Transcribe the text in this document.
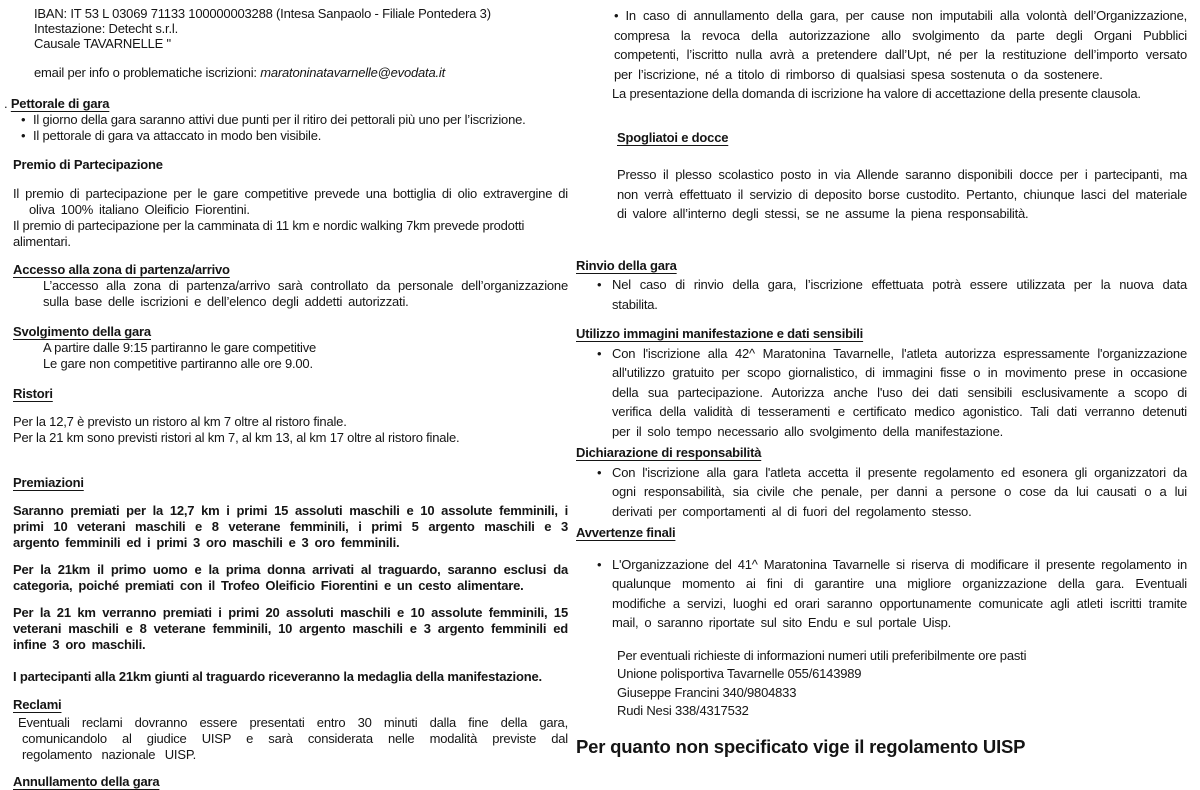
IBAN: IT 53 L 03069 71133 100000003288 (Intesa Sanpaolo - Filiale Pontedera 3)
Intestazione: Detecht s.r.l.
Causale TAVARNELLE "
email per info o problematiche iscrizioni: maratoninatavarnelle@evodata.it
. Pettorale di gara
• Il giorno della gara saranno attivi due punti per il ritiro dei pettorali più uno per l’iscrizione.
• Il pettorale di gara va attaccato in modo ben visibile.
Premio di Partecipazione
Il premio di partecipazione per le gare competitive prevede una bottiglia di olio extravergine di oliva 100% italiano Oleificio Fiorentini.
Il premio di partecipazione per la camminata di 11 km e nordic walking 7km prevede prodotti alimentari.
Accesso alla zona di partenza/arrivo
L’accesso alla zona di partenza/arrivo sarà controllato da personale dell’organizzazione sulla base delle iscrizioni e dell’elenco degli addetti autorizzati.
Svolgimento della gara
A partire dalle 9:15 partiranno le gare competitive
Le gare non competitive partiranno alle ore 9.00.
Ristori
Per la 12,7 è previsto un ristoro al km 7 oltre al ristoro finale.
Per la 21 km sono previsti ristori al km 7, al km 13, al km 17 oltre al ristoro finale.
Premiazioni
Saranno premiati per la 12,7 km i primi 15 assoluti maschili e 10 assolute femminili, i primi 10 veterani maschili e 8 veterane femminili, i primi 5 argento maschili e 3 argento femminili ed i primi 3 oro maschili e 3 oro femminili.
Per la 21km il primo uomo e la prima donna arrivati al traguardo, saranno esclusi da categoria, poiché premiati con il Trofeo Oleificio Fiorentini e un cesto alimentare.
Per la 21 km verranno premiati i primi 20 assoluti maschili e 10 assolute femminili, 15 veterani maschili e 8 veterane femminili, 10 argento maschili e 3 argento femminili ed infine 3 oro maschili.
I partecipanti alla 21km giunti al traguardo riceveranno la medaglia della manifestazione.
Reclami
Eventuali reclami dovranno essere presentati entro 30 minuti dalla fine della gara, comunicandolo al giudice UISP e sarà considerata nelle modalità previste dal regolamento nazionale UISP.
Annullamento della gara
• In caso di annullamento della gara, per cause non imputabili alla volontà dell’Organizzazione, compresa la revoca della autorizzazione allo svolgimento da parte degli Organi Pubblici competenti, l’iscritto nulla avrà a pretendere dall’Upt, né per la restituzione dell’importo versato per l’iscrizione, né a titolo di rimborso di qualsiasi spesa sostenuta o da sostenere.
La presentazione della domanda di iscrizione ha valore di accettazione della presente clausola.
Spogliatoi e docce
Presso il plesso scolastico posto in via Allende saranno disponibili docce per i partecipanti, ma non verrà effettuato il servizio di deposito borse custodito. Pertanto, chiunque lasci del materiale di valore all’interno degli stessi, se ne assume la piena responsabilità.
Rinvio della gara
• Nel caso di rinvio della gara, l’iscrizione effettuata potrà essere utilizzata per la nuova data stabilita.
Utilizzo immagini manifestazione e dati sensibili
• Con l'iscrizione alla 42^ Maratonina Tavarnelle, l'atleta autorizza espressamente l'organizzazione all'utilizzo gratuito per scopo giornalistico, di immagini fisse o in movimento prese in occasione della sua partecipazione. Autorizza anche l'uso dei dati sensibili esclusivamente a scopo di verifica della validità di tesseramenti e certificato medico agonistico. Tali dati verranno detenuti per il solo tempo necessario allo svolgimento della manifestazione.
Dichiarazione di responsabilità
• Con l'iscrizione alla gara l'atleta accetta il presente regolamento ed esonera gli organizzatori da ogni responsabilità, sia civile che penale, per danni a persone o cose da lui causati o a lui derivati per comportamenti al di fuori del regolamento stesso.
Avvertenze finali
• L'Organizzazione del 41^ Maratonina Tavarnelle si riserva di modificare il presente regolamento in qualunque momento ai fini di garantire una migliore organizzazione della gara. Eventuali modifiche a servizi, luoghi ed orari saranno opportunamente comunicate agli atleti iscritti tramite mail, o saranno riportate sul sito Endu e sul portale Uisp.
Per eventuali richieste di informazioni numeri utili preferibilmente ore pasti
Unione polisportiva Tavarnelle 055/6143989
Giuseppe Francini 340/9804833
Rudi Nesi 338/4317532
Per quanto non specificato vige il regolamento UISP
